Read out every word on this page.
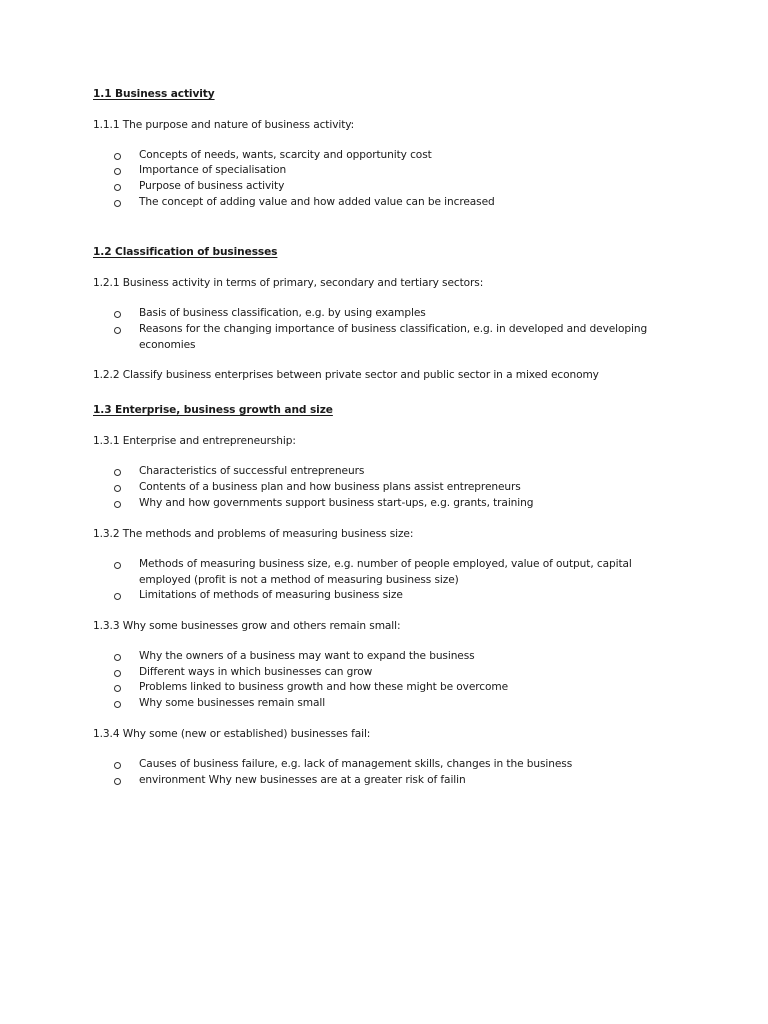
1.1 Business activity
1.1.1 The purpose and nature of business activity:
Concepts of needs, wants, scarcity and opportunity cost
Importance of specialisation
Purpose of business activity
The concept of adding value and how added value can be increased
1.2 Classification of businesses
1.2.1 Business activity in terms of primary, secondary and tertiary sectors:
Basis of business classification, e.g. by using examples
Reasons for the changing importance of business classification, e.g. in developed and developing
economies
1.2.2 Classify business enterprises between private sector and public sector in a mixed economy
1.3 Enterprise, business growth and size
1.3.1 Enterprise and entrepreneurship:
Characteristics of successful entrepreneurs
Contents of a business plan and how business plans assist entrepreneurs
Why and how governments support business start-ups, e.g. grants, training
1.3.2 The methods and problems of measuring business size:
Methods of measuring business size, e.g. number of people employed, value of output, capital
employed (profit is not a method of measuring business size)
Limitations of methods of measuring business size
1.3.3 Why some businesses grow and others remain small:
Why the owners of a business may want to expand the business
Different ways in which businesses can grow
Problems linked to business growth and how these might be overcome
Why some businesses remain small
1.3.4 Why some (new or established) businesses fail:
Causes of business failure, e.g. lack of management skills, changes in the business
environment Why new businesses are at a greater risk of failin
